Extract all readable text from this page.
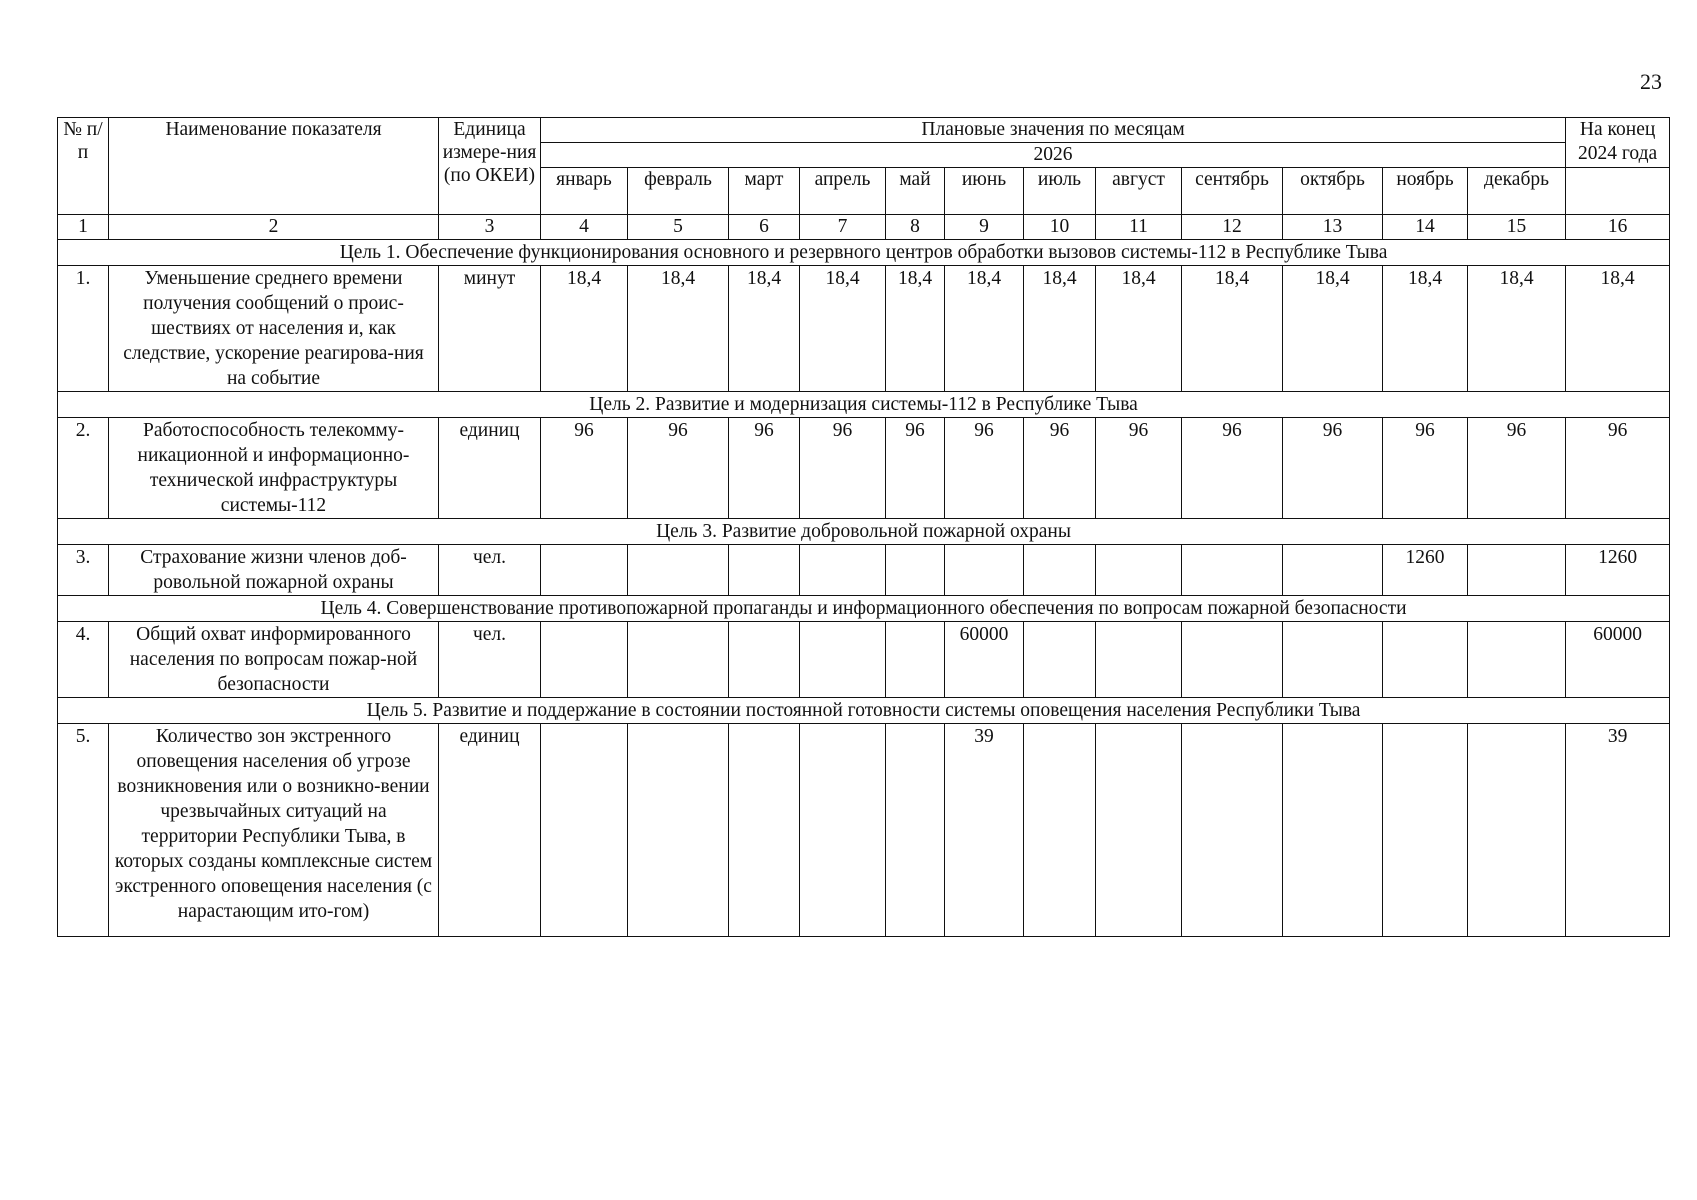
23
№ п/п	Наименование показателя	Единица измере-ния (по ОКЕИ)	Плановые значения по месяцам												На конец 2024 года
			2026												
			январь	февраль	март	апрель	май	июнь	июль	август	сентябрь	октябрь	ноябрь	декабрь	
1	2	3	4	5	6	7	8	9	10	11	12	13	14	15	16
Цель 1. Обеспечение функционирования основного и резервного центров обработки вызовов системы-112 в Республике Тыва															
1.	Уменьшение среднего времени получения сообщений о проис-шествиях от населения и, как следствие, ускорение реагирова-ния на событие	минут	18,4	18,4	18,4	18,4	18,4	18,4	18,4	18,4	18,4	18,4	18,4	18,4	18,4
Цель 2. Развитие и модернизация системы-112 в Республике Тыва															
2.	Работоспособность телекомму-никационной и информационно-технической инфраструктуры системы-112	единиц	96	96	96	96	96	96	96	96	96	96	96	96	96
Цель 3. Развитие добровольной пожарной охраны															
3.	Страхование жизни членов доб-ровольной пожарной охраны	чел.											1260		1260
Цель 4. Совершенствование противопожарной пропаганды и информационного обеспечения по вопросам пожарной безопасности															
4.	Общий охват информированного населения по вопросам пожар-ной безопасности	чел.						60000							60000
Цель 5. Развитие и поддержание в состоянии постоянной готовности системы оповещения населения Республики Тыва															
5.	Количество зон экстренного оповещения населения об угрозе возникновения или о возникно-вении чрезвычайных ситуаций на территории Республики Тыва, в которых созданы комплексные систем экстренного оповещения населения (с нарастающим ито-гом)	единиц						39							39
